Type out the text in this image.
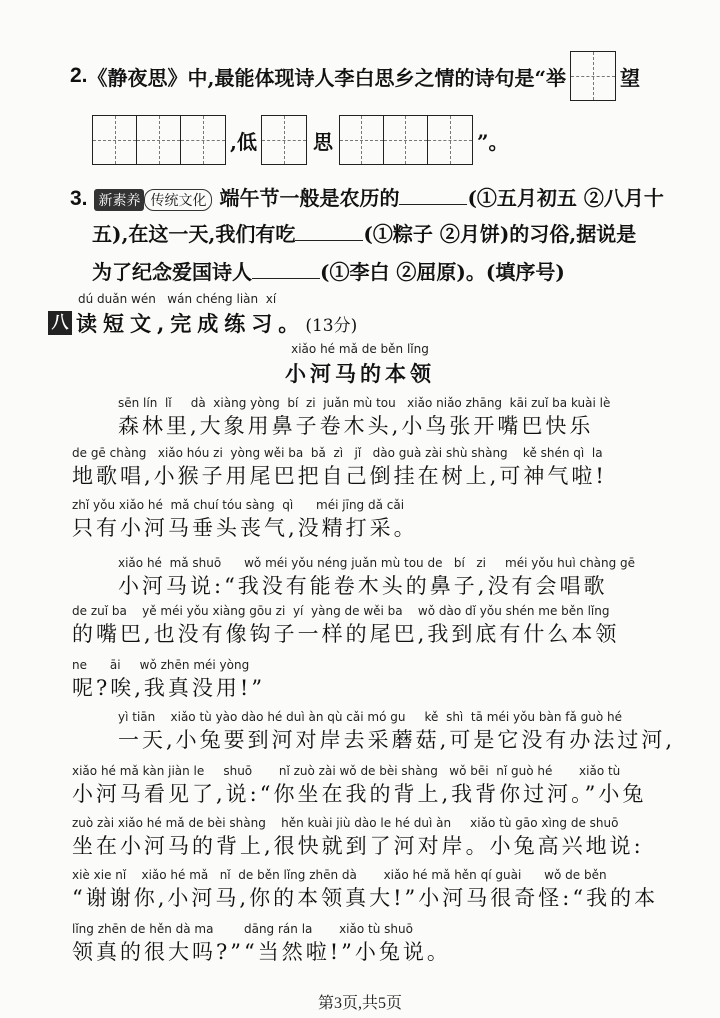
2. 《静夜思》中,最能体现诗人李白思乡之情的诗句是“举	望
,低	思	”。
3. 新素养 传统文化 端午节一般是农历的	(①五月初五 ②八月十
五),在这一天,我们有吃	(①粽子 ②月饼)的习俗,据说是
为了纪念爱国诗人	(①李白 ②屈原)。(填序号)
dú duǎn wén   wán chéng liàn  xí
八 读短文,完成练习。 (13分)
xiǎo hé mǎ de běn lǐng
小河马的本领
sēn lín  lǐ     dà  xiàng yòng  bí  zi  juǎn mù tou   xiǎo niǎo zhāng  kāi zuǐ ba kuài lè
森林里,大象用鼻子卷木头,小鸟张开嘴巴快乐
de gē chàng   xiǎo hóu zi  yòng wěi ba  bǎ  zì   jǐ   dào guà zài shù shàng    kě shén qì  la
地歌唱,小猴子用尾巴把自己倒挂在树上,可神气啦!
zhǐ yǒu xiǎo hé  mǎ chuí tóu sàng  qì      méi jīng dǎ cǎi
只有小河马垂头丧气,没精打采。
xiǎo hé  mǎ shuō      wǒ méi yǒu néng juǎn mù tou de   bí   zi     méi yǒu huì chàng gē
小河马说:“我没有能卷木头的鼻子,没有会唱歌
de zuǐ ba    yě méi yǒu xiàng gōu zi  yí  yàng de wěi ba    wǒ dào dǐ yǒu shén me běn lǐng
的嘴巴,也没有像钩子一样的尾巴,我到底有什么本领
ne      āi     wǒ zhēn méi yòng
呢?唉,我真没用!”
yì tiān    xiǎo tù yào dào hé duì àn qù cǎi mó gu     kě  shì  tā méi yǒu bàn fǎ guò hé
一天,小兔要到河对岸去采蘑菇,可是它没有办法过河,
xiǎo hé mǎ kàn jiàn le     shuō       nǐ zuò zài wǒ de bèi shàng   wǒ bēi  nǐ guò hé       xiǎo tù
小河马看见了,说:“你坐在我的背上,我背你过河。”小兔
zuò zài xiǎo hé mǎ de bèi shàng    hěn kuài jiù dào le hé duì àn     xiǎo tù gāo xìng de shuō
坐在小河马的背上,很快就到了河对岸。小兔高兴地说:
xiè xie nǐ    xiǎo hé mǎ   nǐ  de běn lǐng zhēn dà       xiǎo hé mǎ hěn qí guài      wǒ de běn
“谢谢你,小河马,你的本领真大!”小河马很奇怪:“我的本
lǐng zhēn de hěn dà ma        dāng rán la       xiǎo tù shuō
领真的很大吗?”“当然啦!”小兔说。
第3页,共5页
